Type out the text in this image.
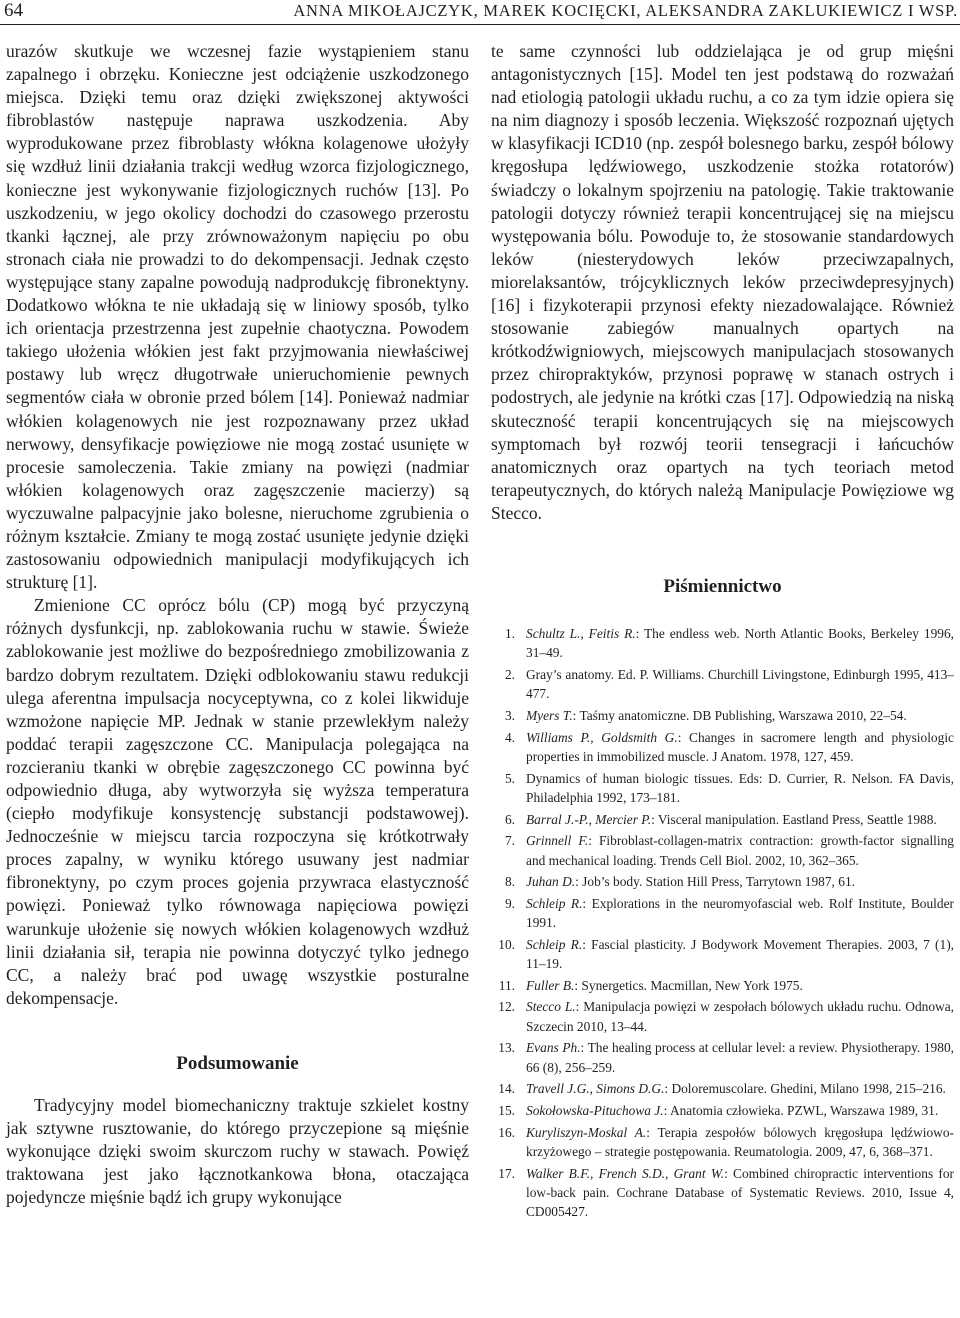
64	ANNA MIKOŁAJCZYK, MAREK KOCIĘCKI, ALEKSANDRA ZAKLUKIEWICZ I WSP.

urazów skutkuje we wczesnej fazie wystąpieniem stanu zapalnego i obrzęku. Konieczne jest odciążenie uszkodzonego miejsca. Dzięki temu oraz dzięki zwiększonej aktywości fibroblastów następuje naprawa uszkodzenia. Aby wyprodukowane przez fibroblasty włókna kolagenowe ułożyły się wzdłuż linii działania trakcji według wzorca fizjologicznego, konieczne jest wykonywanie fizjologicznych ruchów [13]. Po uszkodzeniu, w jego okolicy dochodzi do czasowego przerostu tkanki łącznej, ale przy zrównoważonym napięciu po obu stronach ciała nie prowadzi to do dekompensacji. Jednak często występujące stany zapalne powodują nadprodukcję fibronektyny. Dodatkowo włókna te nie układają się w liniowy sposób, tylko ich orientacja przestrzenna jest zupełnie chaotyczna. Powodem takiego ułożenia włókien jest fakt przyjmowania niewłaściwej postawy lub wręcz długotrwałe unieruchomienie pewnych segmentów ciała w obronie przed bólem [14]. Ponieważ nadmiar włókien kolagenowych nie jest rozpoznawany przez układ nerwowy, densyfikacje powięziowe nie mogą zostać usunięte w procesie samoleczenia. Takie zmiany na powięzi (nadmiar włókien kolagenowych oraz zagęszczenie macierzy) są wyczuwalne palpacyjnie jako bolesne, nieruchome zgrubienia o różnym kształcie. Zmiany te mogą zostać usunięte jedynie dzięki zastosowaniu odpowiednich manipulacji modyfikujących ich strukturę [1].

Zmienione CC oprócz bólu (CP) mogą być przyczyną różnych dysfunkcji, np. zablokowania ruchu w stawie. Świeże zablokowanie jest możliwe do bezpośredniego zmobilizowania z bardzo dobrym rezultatem. Dzięki odblokowaniu stawu redukcji ulega aferentna impulsacja nocyceptywna, co z kolei likwiduje wzmożone napięcie MP. Jednak w stanie przewlekłym należy poddać terapii zagęszczone CC. Manipulacja polegająca na rozcieraniu tkanki w obrębie zagęszczonego CC powinna być odpowiednio długa, aby wytworzyła się wyższa temperatura (ciepło modyfikuje konsystencję substancji podstawowej). Jednocześnie w miejscu tarcia rozpoczyna się krótkotrwały proces zapalny, w wyniku którego usuwany jest nadmiar fibronektyny, po czym proces gojenia przywraca elastyczność powięzi. Ponieważ tylko równowaga napięciowa powięzi warunkuje ułożenie się nowych włókien kolagenowych wzdłuż linii działania sił, terapia nie powinna dotyczyć tylko jednego CC, a należy brać pod uwagę wszystkie posturalne dekompensacje.

Podsumowanie

Tradycyjny model biomechaniczny traktuje szkielet kostny jak sztywne rusztowanie, do którego przyczepione są mięśnie wykonujące dzięki swoim skurczom ruchy w stawach. Powięź traktowana jest jako łącznotkankowa błona, otaczająca pojedyncze mięśnie bądź ich grupy wykonujące

te same czynności lub oddzielająca je od grup mięśni antagonistycznych [15]. Model ten jest podstawą do rozważań nad etiologią patologii układu ruchu, a co za tym idzie opiera się na nim diagnozy i sposób leczenia. Większość rozpoznań ujętych w klasyfikacji ICD10 (np. zespół bolesnego barku, zespół bólowy kręgosłupa lędźwiowego, uszkodzenie stożka rotatorów) świadczy o lokalnym spojrzeniu na patologię. Takie traktowanie patologii dotyczy również terapii koncentrującej się na miejscu występowania bólu. Powoduje to, że stosowanie standardowych leków (niesterydowych leków przeciwzapalnych, miorelaksantów, trójcyklicznych leków przeciwdepresyjnych) [16] i fizykoterapii przynosi efekty niezadowalające. Również stosowanie zabiegów manualnych opartych na krótkodźwigniowych, miejscowych manipulacjach stosowanych przez chiropraktyków, przynosi poprawę w stanach ostrych i podostrych, ale jedynie na krótki czas [17]. Odpowiedzią na niską skuteczność terapii koncentrujących się na miejscowych symptomach był rozwój teorii tensegracji i łańcuchów anatomicznych oraz opartych na tych teoriach metod terapeutycznych, do których należą Manipulacje Powięziowe wg Stecco.

Piśmiennictwo
1. Schultz L., Feitis R.: The endless web. North Atlantic Books, Berkeley 1996, 31–49.
2. Gray’s anatomy. Ed. P. Williams. Churchill Livingstone, Edinburgh 1995, 413–477.
3. Myers T.: Taśmy anatomiczne. DB Publishing, Warszawa 2010, 22–54.
4. Williams P., Goldsmith G.: Changes in sacromere length and physiologic properties in immobilized muscle. J Anatom. 1978, 127, 459.
5. Dynamics of human biologic tissues. Eds: D. Currier, R. Nelson. FA Davis, Philadelphia 1992, 173–181.
6. Barral J.-P., Mercier P.: Visceral manipulation. Eastland Press, Seattle 1988.
7. Grinnell F.: Fibroblast-collagen-matrix contraction: growth-factor signalling and mechanical loading. Trends Cell Biol. 2002, 10, 362–365.
8. Juhan D.: Job’s body. Station Hill Press, Tarrytown 1987, 61.
9. Schleip R.: Explorations in the neuromyofascial web. Rolf Institute, Boulder 1991.
10. Schleip R.: Fascial plasticity. J Bodywork Movement Therapies. 2003, 7 (1), 11–19.
11. Fuller B.: Synergetics. Macmillan, New York 1975.
12. Stecco L.: Manipulacja powięzi w zespołach bólowych układu ruchu. Odnowa, Szczecin 2010, 13–44.
13. Evans Ph.: The healing process at cellular level: a review. Physiotherapy. 1980, 66 (8), 256–259.
14. Travell J.G., Simons D.G.: Doloremuscolare. Ghedini, Milano 1998, 215–216.
15. Sokołowska-Pituchowa J.: Anatomia człowieka. PZWL, Warszawa 1989, 31.
16. Kuryliszyn-Moskal A.: Terapia zespołów bólowych kręgosłupa lędźwiowo-krzyżowego – strategie postępowania. Reumatologia. 2009, 47, 6, 368–371.
17. Walker B.F., French S.D., Grant W.: Combined chiropractic interventions for low-back pain. Cochrane Database of Systematic Reviews. 2010, Issue 4, CD005427.
